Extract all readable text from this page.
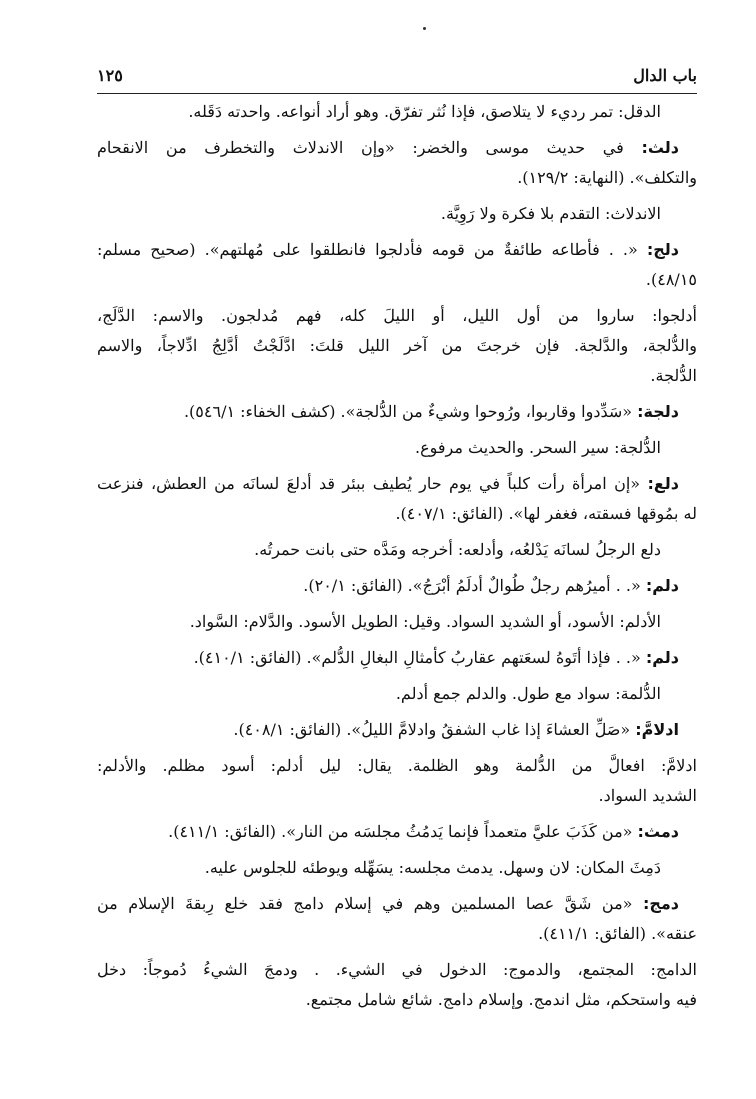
باب الدال
١٢٥
الدقل: تمر رديء لا يتلاصق، فإذا نُثر تفرّق. وهو أراد أنواعه. واحدته دَقَله.
دلث: في حديث موسى والخضر: «وإن الاندلاث والتخطرف من الانقحام
والتكلف». (النهاية: ١٢٩/٢).
الاندلاث: التقدم بلا فكرة ولا رَوِيَّة.
دلج: «. . فأطاعه طائفةٌ من قومه فأدلجوا فانطلقوا على مُهلتهم». (صحيح مسلم:
٤٨/١٥).
أدلجوا: ساروا من أول الليل، أو الليلَ كله، فهم مُدلجون. والاسم: الدَّلَج،
والدُّلجة، والدَّلجة. فإن خرجتَ من آخر الليل قلتَ: ادَّلَجْتُ أدَّلِجُ ادِّلاجاً، والاسم
الدُّلجة.
دلجة: «سَدِّدوا وقاربوا، ورُوحوا وشيءٌ من الدُّلجة». (كشف الخفاء: ٥٤٦/١).
الدُّلجة: سير السحر. والحديث مرفوع.
دلع: «إن امرأة رأت كلباً في يوم حار يُطيف ببئر قد أدلعَ لسانَه من العطش، فنزعت
له بمُوقها فسقته، فغفر لها». (الفائق: ٤٠٧/١).
دلع الرجلُ لسانَه يَدْلعُه، وأدلعه: أخرجه ومَدَّه حتى بانت حمرتُه.
دلم: «. . أميرُهم رجلٌ طُوالٌ أدلَمُ أبْرَجُ». (الفائق: ٢٠/١).
الأدلم: الأسود، أو الشديد السواد. وقيل: الطويل الأسود. والدَّلام: السَّواد.
دلم: «. . فإذا أتَوهُ لسعَتهم عقاربُ كأمثالِ البغالِ الدُّلم». (الفائق: ٤١٠/١).
الدُّلمة: سواد مع طول. والدلم جمع أدلم.
ادلامَّ: «صَلِّ العشاءَ إذا غاب الشفقُ وادلامَّ الليلُ». (الفائق: ٤٠٨/١).
ادلامَّ: افعالَّ من الدُّلمة وهو الظلمة. يقال: ليل أدلم: أسود مظلم. والأدلم:
الشديد السواد.
دمث: «من كَذَبَ عليَّ متعمداً فإنما يَدمُثُ مجلسَه من النار». (الفائق: ٤١١/١).
دَمِثَ المكان: لان وسهل. يدمث مجلسه: يسَهِّله ويوطئه للجلوس عليه.
دمج: «من شَقَّ عصا المسلمين وهم في إسلام دامج فقد خلع رِبقةَ الإسلام من
عنقه». (الفائق: ٤١١/١).
الدامج: المجتمع، والدموج: الدخول في الشيء. . ودمجَ الشيءُ دُموجاً: دخل
فيه واستحكم، مثل اندمج. وإسلام دامج. شائع شامل مجتمع.
